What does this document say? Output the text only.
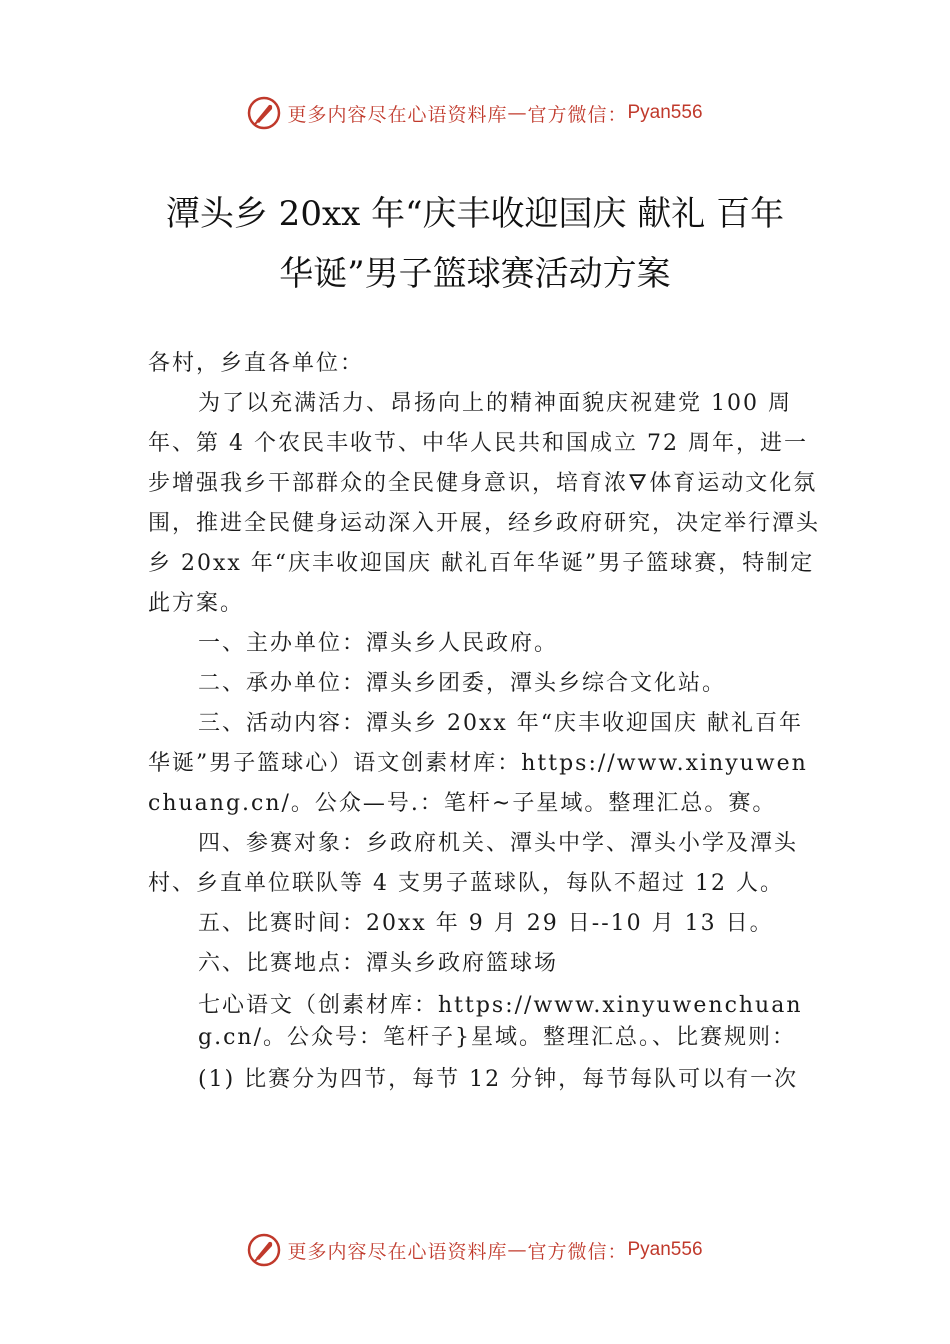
更多内容尽在心语资料库 — 官方微信： Pyan556
潭头乡 20xx 年“庆丰收迎国庆 献礼 百年
华诞”男子篮球赛活动方案

各村，乡直各单位：

为了以充满活力、昂扬向上的精神面貌庆祝建党 100 周年、第 4 个农民丰收节、中华人民共和国成立 72 周年，进一步增强我乡干部群众的全民健身意识，培育浓🜃体育运动文化氛围，推进全民健身运动深入开展，经乡政府研究，决定举行潭头乡 20xx 年“庆丰收迎国庆 献礼百年华诞”男子篮球赛，特制定此方案。

一、主办单位：潭头乡人民政府。

二、承办单位：潭头乡团委，潭头乡综合文化站。

三、活动内容：潭头乡 20xx 年“庆丰收迎国庆 献礼百年华诞”男子篮球心）语文创素材库：https://www.xinyuwenchuang.cn/。公众—号.：笔杆~子星域。整理汇总。赛。

四、参赛对象：乡政府机关、潭头中学、潭头小学及潭头村、乡直单位联队等 4 支男子蓝球队，每队不超过 12 人。

五、比赛时间：20xx 年 9 月 29 日--10 月 13 日。

六、比赛地点：潭头乡政府篮球场

七心语文（创素材库：https://www.xinyuwenchuang.cn/。公众号：笔杆子}星域。整理汇总。、比赛规则：

(1) 比赛分为四节，每节 12 分钟，每节每队可以有一次

更多内容尽在心语资料库 — 官方微信： Pyan556
